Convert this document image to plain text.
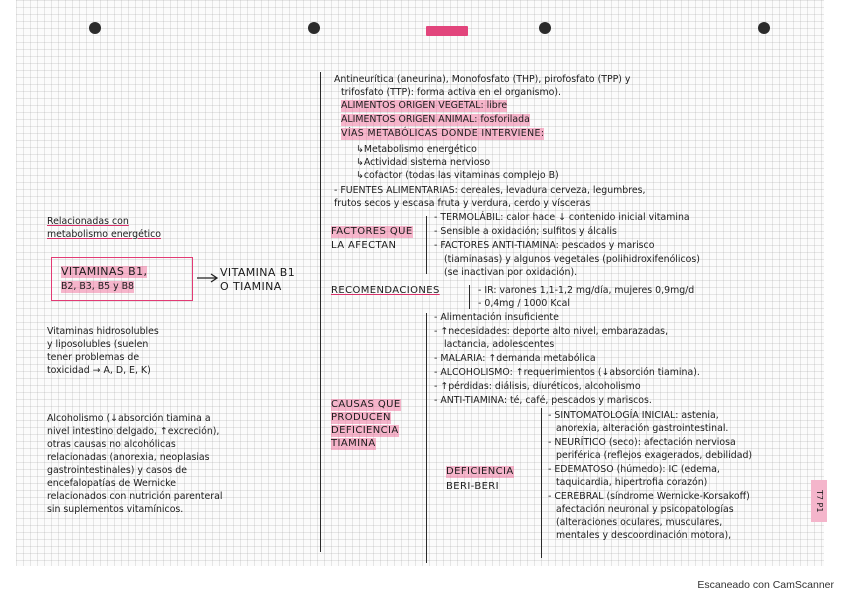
Relacionadas con
metabolismo energético
VITAMINAS B1,
B2, B3, B5 y B8
Vitaminas hidrosolubles
y liposolubles (suelen
tener problemas de
toxicidad → A, D, E, K)
Alcoholismo (↓absorción tiamina a
nivel intestino delgado, ↑excreción),
otras causas no alcohólicas
relacionadas (anorexia, neoplasias
gastrointestinales) y casos de
encefalopatías de Wernicke
relacionados con nutrición parenteral
sin suplementos vitamínicos.
VITAMINA B1
O TIAMINA
FACTORES QUE
LA AFECTAN
RECOMENDACIONES
CAUSAS QUE
PRODUCEN
DEFICIENCIA
TIAMINA
DEFICIENCIA
BERI-BERI
Antineurítica (aneurina), Monofosfato (THP), pirofosfato (TPP) y
trifosfato (TTP): forma activa en el organismo).
ALIMENTOS ORIGEN VEGETAL: libre
ALIMENTOS ORIGEN ANIMAL: fosforilada
VÍAS METABÓLICAS DONDE INTERVIENE:
↳Metabolismo energético
↳Actividad sistema nervioso
↳cofactor (todas las vitaminas complejo B)
- FUENTES ALIMENTARIAS: cereales, levadura cerveza, legumbres,
frutos secos y escasa fruta y verdura, cerdo y vísceras
- TERMOLÁBIL: calor hace ↓ contenido inicial vitamina
- Sensible a oxidación; sulfitos y álcalis
- FACTORES ANTI-TIAMINA: pescados y marisco
(tiaminasas) y algunos vegetales (polihidroxifenólicos)
(se inactivan por oxidación).
- IR: varones 1,1-1,2 mg/día, mujeres 0,9mg/d
- 0,4mg / 1000 Kcal
- Alimentación insuficiente
- ↑necesidades: deporte alto nivel, embarazadas,
lactancia, adolescentes
- MALARIA: ↑demanda metabólica
- ALCOHOLISMO: ↑requerimientos (↓absorción tiamina).
- ↑pérdidas: diálisis, diuréticos, alcoholismo
- ANTI-TIAMINA: té, café, pescados y mariscos.
- SINTOMATOLOGÍA INICIAL: astenia,
anorexia, alteración gastrointestinal.
- NEURÍTICO (seco): afectación nerviosa
periférica (reflejos exagerados, debilidad)
- EDEMATOSO (húmedo): IC (edema,
taquicardia, hipertrofia corazón)
- CEREBRAL (síndrome Wernicke-Korsakoff)
afectación neuronal y psicopatologías
(alteraciones oculares, musculares,
mentales y descoordinación motora),
T7 P1
Escaneado con CamScanner
